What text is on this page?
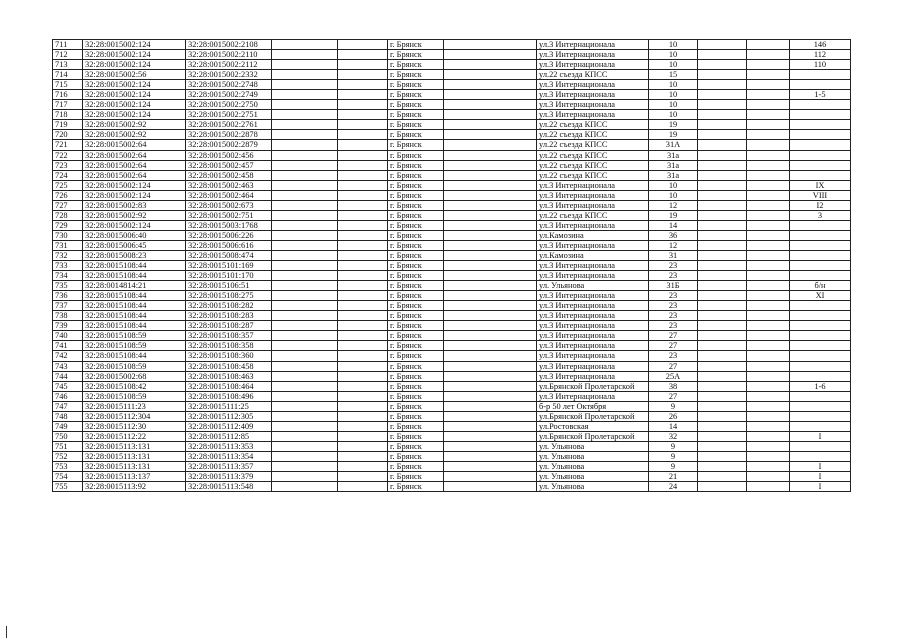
711	32:28:0015002:124	32:28:0015002:2108			г. Брянск		ул.3 Интернационала	10			146
712	32:28:0015002:124	32:28:0015002:2110			г. Брянск		ул.3 Интернационала	10			112
713	32:28:0015002:124	32:28:0015002:2112			г. Брянск		ул.3 Интернационала	10			110
714	32:28:0015002:56	32:28:0015002:2332			г. Брянск		ул.22 съезда КПСС	15			
715	32:28:0015002:124	32:28:0015002:2748			г. Брянск		ул.3 Интернационала	10			
716	32:28:0015002:124	32:28:0015002:2749			г. Брянск		ул.3 Интернационала	10			1-5
717	32:28:0015002:124	32:28:0015002:2750			г. Брянск		ул.3 Интернационала	10			
718	32:28:0015002:124	32:28:0015002:2751			г. Брянск		ул.3 Интернационала	10			
719	32:28:0015002:92	32:28:0015002:2761			г. Брянск		ул.22 съезда КПСС	19			
720	32:28:0015002:92	32:28:0015002:2878			г. Брянск		ул.22 съезда КПСС	19			
721	32:28:0015002:64	32:28:0015002:2879			г. Брянск		ул.22 съезда КПСС	31А			
722	32:28:0015002:64	32:28:0015002:456			г. Брянск		ул.22 съезда КПСС	31а			
723	32:28:0015002:64	32:28:0015002:457			г. Брянск		ул.22 съезда КПСС	31а			
724	32:28:0015002:64	32:28:0015002:458			г. Брянск		ул.22 съезда КПСС	31а			
725	32:28:0015002:124	32:28:0015002:463			г. Брянск		ул.3 Интернационала	10			IX
726	32:28:0015002:124	32:28:0015002:464			г. Брянск		ул.3 Интернационала	10			VIII
727	32:28:0015002:83	32:28:0015002:673			г. Брянск		ул.3 Интернационала	12			I2
728	32:28:0015002:92	32:28:0015002:751			г. Брянск		ул.22 съезда КПСС	19			3
729	32:28:0015002:124	32:28:0015003:1768			г. Брянск		ул.3 Интернационала	14			
730	32:28:0015006:40	32:28:0015006:226			г. Брянск		ул.Камозина	36			
731	32:28:0015006:45	32:28:0015006:616			г. Брянск		ул.3 Интернационала	12			
732	32:28:0015008:23	32:28:0015008:474			г. Брянск		ул.Камозина	31			
733	32:28:0015108:44	32:28:0015101:169			г. Брянск		ул.3 Интернационала	23			
734	32:28:0015108:44	32:28:0015101:170			г. Брянск		ул.3 Интернационала	23			
735	32:28:0014814:21	32:28:0015106:51			г. Брянск		ул. Ульянова	31Б			б/н
736	32:28:0015108:44	32:28:0015108:275			г. Брянск		ул.3 Интернационала	23			XI
737	32:28:0015108:44	32:28:0015108:282			г. Брянск		ул.3 Интернационала	23			
738	32:28:0015108:44	32:28:0015108:283			г. Брянск		ул.3 Интернационала	23			
739	32:28:0015108:44	32:28:0015108:287			г. Брянск		ул.3 Интернационала	23			
740	32:28:0015108:59	32:28:0015108:357			г. Брянск		ул.3 Интернационала	27			
741	32:28:0015108:59	32:28:0015108:358			г. Брянск		ул.3 Интернационала	27			
742	32:28:0015108:44	32:28:0015108:360			г. Брянск		ул.3 Интернационала	23			
743	32:28:0015108:59	32:28:0015108:458			г. Брянск		ул.3 Интернационала	27			
744	32:28:0015002:68	32:28:0015108:463			г. Брянск		ул.3 Интернационала	25А			
745	32:28:0015108:42	32:28:0015108:464			г. Брянск		ул.Брянской Пролетарской	38			1-6
746	32:28:0015108:59	32:28:0015108:496			г. Брянск		ул.3 Интернационала	27			
747	32:28:0015111:23	32:28:0015111:25			г. Брянск		б-р 50 лет Октября	9			
748	32:28:0015112:304	32:28:0015112:305			г. Брянск		ул.Брянской Пролетарской	26			
749	32:28:0015112:30	32:28:0015112:409			г. Брянск		ул.Ростовская	14			
750	32:28:0015112:22	32:28:0015112:85			г. Брянск		ул.Брянской Пролетарской	32			I
751	32:28:0015113:131	32:28:0015113:353			г. Брянск		ул. Ульянова	9			
752	32:28:0015113:131	32:28:0015113:354			г. Брянск		ул. Ульянова	9			
753	32:28:0015113:131	32:28:0015113:357			г. Брянск		ул. Ульянова	9			I
754	32:28:0015113:137	32:28:0015113:379			г. Брянск		ул. Ульянова	21			I
755	32:28:0015113:92	32:28:0015113:548			г. Брянск		ул. Ульянова	24			I
